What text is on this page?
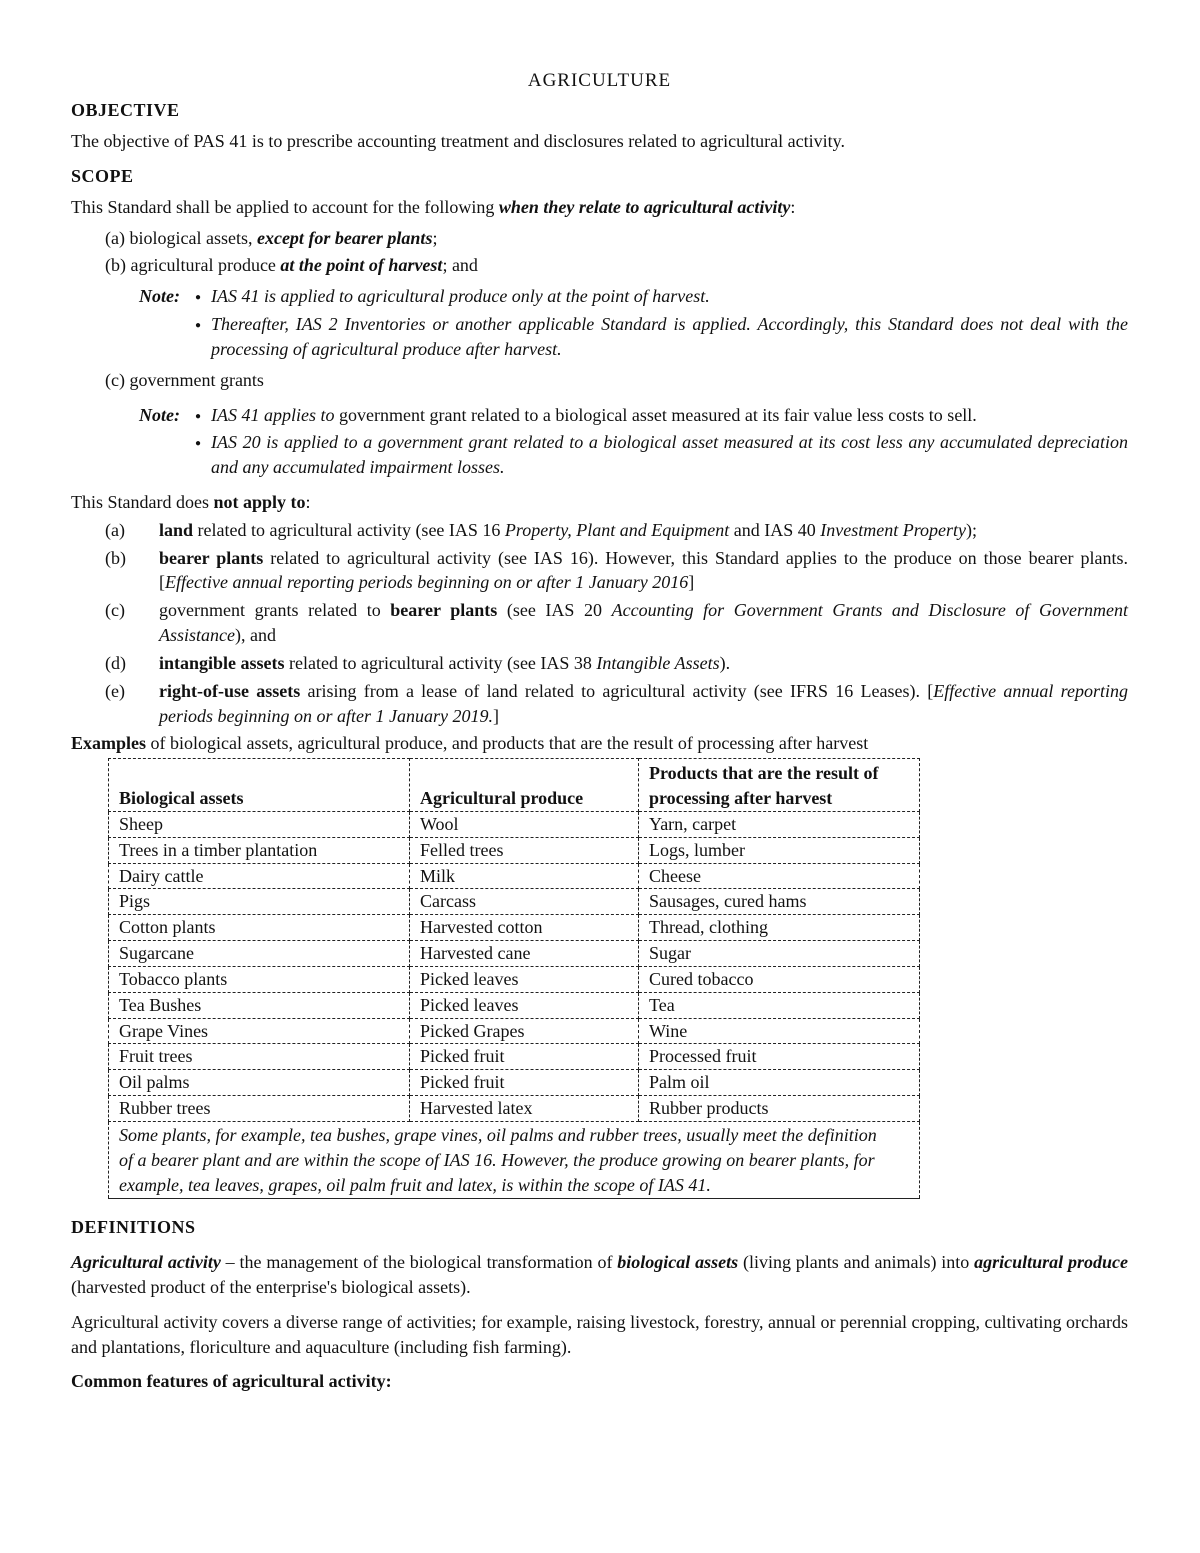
AGRICULTURE

OBJECTIVE

The objective of PAS 41 is to prescribe accounting treatment and disclosures related to agricultural activity.

SCOPE

This Standard shall be applied to account for the following when they relate to agricultural activity:

(a) biological assets, except for bearer plants;

(b) agricultural produce at the point of harvest; and

Note:	● IAS 41 is applied to agricultural produce only at the point of harvest.

● Thereafter, IAS 2 Inventories or another applicable Standard is applied. Accordingly, this Standard does not deal with the processing of agricultural produce after harvest.

(c) government grants

Note:	● IAS 41 applies to government grant related to a biological asset measured at its fair value less costs to sell.

● IAS 20 is applied to a government grant related to a biological asset measured at its cost less any accumulated depreciation and any accumulated impairment losses.

This Standard does not apply to:

(a) land related to agricultural activity (see IAS 16 Property, Plant and Equipment and IAS 40 Investment Property);
(b) bearer plants related to agricultural activity (see IAS 16). However, this Standard applies to the produce on those bearer plants. [Effective annual reporting periods beginning on or after 1 January 2016]
(c) government grants related to bearer plants (see IAS 20 Accounting for Government Grants and Disclosure of Government Assistance), and
(d) intangible assets related to agricultural activity (see IAS 38 Intangible Assets).
(e) right-of-use assets arising from a lease of land related to agricultural activity (see IFRS 16 Leases). [Effective annual reporting periods beginning on or after 1 January 2019.]

Examples of biological assets, agricultural produce, and products that are the result of processing after harvest

Biological assets	Agricultural produce	Products that are the result of processing after harvest
Sheep	Wool	Yarn, carpet
Trees in a timber plantation	Felled trees	Logs, lumber
Dairy cattle	Milk	Cheese
Pigs	Carcass	Sausages, cured hams
Cotton plants	Harvested cotton	Thread, clothing
Sugarcane	Harvested cane	Sugar
Tobacco plants	Picked leaves	Cured tobacco
Tea Bushes	Picked leaves	Tea
Grape Vines	Picked Grapes	Wine
Fruit trees	Picked fruit	Processed fruit
Oil palms	Picked fruit	Palm oil
Rubber trees	Harvested latex	Rubber products

Some plants, for example, tea bushes, grape vines, oil palms and rubber trees, usually meet the definition of a bearer plant and are within the scope of IAS 16. However, the produce growing on bearer plants, for example, tea leaves, grapes, oil palm fruit and latex, is within the scope of IAS 41.		

DEFINITIONS

Agricultural activity – the management of the biological transformation of biological assets (living plants and animals) into agricultural produce (harvested product of the enterprise's biological assets).

Agricultural activity covers a diverse range of activities; for example, raising livestock, forestry, annual or perennial cropping, cultivating orchards and plantations, floriculture and aquaculture (including fish farming).

Common features of agricultural activity:
